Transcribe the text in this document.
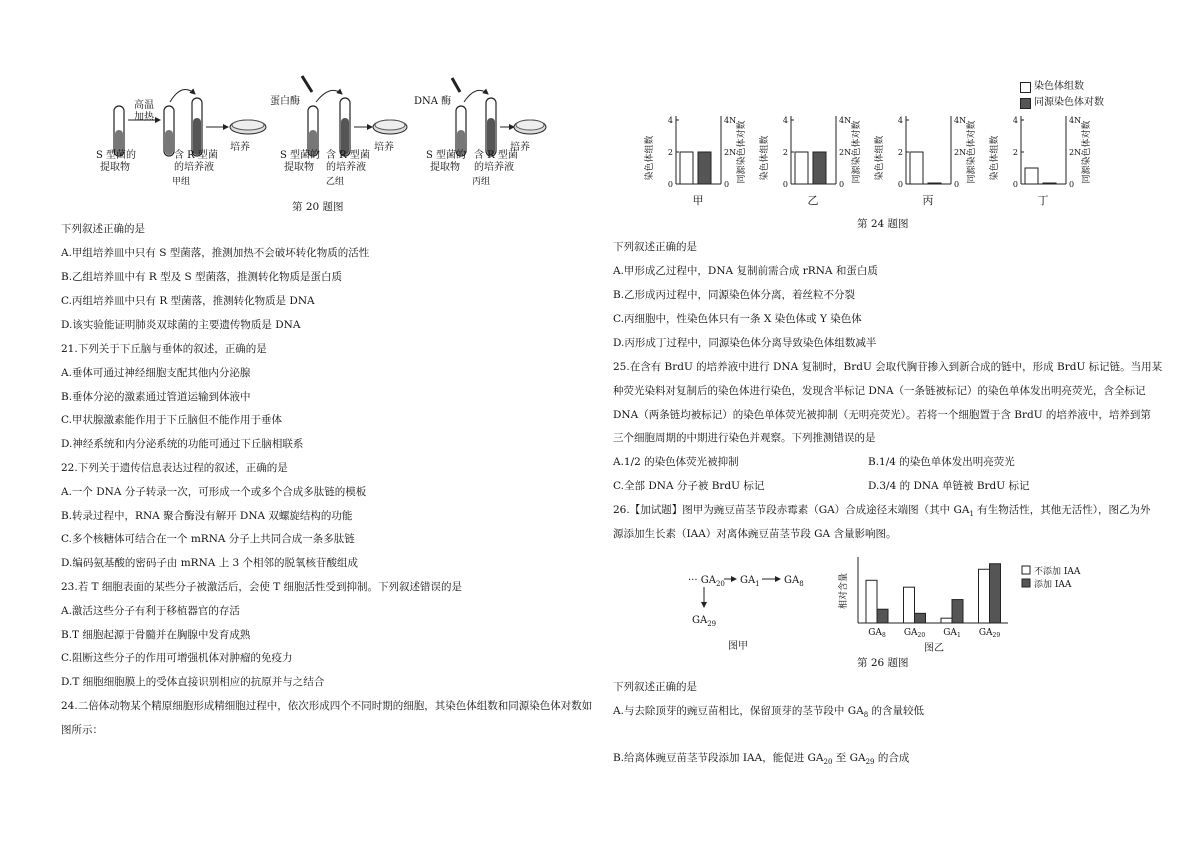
高温
加热
S 型菌的
提取物
含 R 型菌
的培养液
培养
甲组
蛋白酶
S 型菌的
提取物
含 R 型菌
的培养液
培养
乙组
DNA 酶
S 型菌的
提取物
含 R 型菌
的培养液
培养
丙组
第 20 题图
下列叙述正确的是
A.甲组培养皿中只有 S 型菌落，推测加热不会破坏转化物质的活性
B.乙组培养皿中有 R 型及 S 型菌落，推测转化物质是蛋白质
C.丙组培养皿中只有 R 型菌落，推测转化物质是 DNA
D.该实验能证明肺炎双球菌的主要遗传物质是 DNA
21.下列关于下丘脑与垂体的叙述，正确的是
A.垂体可通过神经细胞支配其他内分泌腺
B.垂体分泌的激素通过管道运输到体液中
C.甲状腺激素能作用于下丘脑但不能作用于垂体
D.神经系统和内分泌系统的功能可通过下丘脑相联系
22.下列关于遗传信息表达过程的叙述，正确的是
A.一个 DNA 分子转录一次，可形成一个或多个合成多肽链的模板
B.转录过程中，RNA 聚合酶没有解开 DNA 双螺旋结构的功能
C.多个核糖体可结合在一个 mRNA 分子上共同合成一条多肽链
D.编码氨基酸的密码子由 mRNA 上 3 个相邻的脱氧核苷酸组成
23.若 T 细胞表面的某些分子被激活后，会使 T 细胞活性受到抑制。下列叙述错误的是
A.激活这些分子有利于移植器官的存活
B.T 细胞起源于骨髓并在胸腺中发育成熟
C.阻断这些分子的作用可增强机体对肿瘤的免疫力
D.T 细胞细胞膜上的受体直接识别相应的抗原并与之结合
24.二倍体动物某个精原细胞形成精细胞过程中，依次形成四个不同时期的细胞，其染色体组数和同源染色体对数如
图所示：
染色体组数
同源染色体对数
染色体组数
4	4N
2	2N
0	0
同源染色体对数
甲
染色体组数
4	4N
2	2N
0	0
同源染色体对数
乙
染色体组数
4	4N
2	2N
0	0
同源染色体对数
丙
染色体组数
4	4N
2	2N
0	0
同源染色体对数
丁
第 24 题图
下列叙述正确的是
A.甲形成乙过程中，DNA 复制前需合成 rRNA 和蛋白质
B.乙形成丙过程中，同源染色体分离，着丝粒不分裂
C.丙细胞中，性染色体只有一条 X 染色体或 Y 染色体
D.丙形成丁过程中，同源染色体分离导致染色体组数减半
25.在含有 BrdU 的培养液中进行 DNA 复制时，BrdU 会取代胸苷掺入到新合成的链中，形成 BrdU 标记链。当用某
种荧光染料对复制后的染色体进行染色，发现含半标记 DNA（一条链被标记）的染色单体发出明亮荧光，含全标记
DNA（两条链均被标记）的染色单体荧光被抑制（无明亮荧光）。若将一个细胞置于含 BrdU 的培养液中，培养到第
三个细胞周期的中期进行染色并观察。下列推测错误的是
A.1/2 的染色体荧光被抑制	B.1/4 的染色单体发出明亮荧光
C.全部 DNA 分子被 BrdU 标记	D.3/4 的 DNA 单链被 BrdU 标记
26.【加试题】图甲为豌豆苗茎节段赤霉素（GA）合成途径末端图（其中 $GA_1$ 有生物活性，其他无活性），图乙为外
源添加生长素（IAA）对离体豌豆苗茎节段 GA 含量影响图。
··· $GA_{20}$ $GA_1$ $GA_8$
$GA_{29}$
图甲
相对含量
$GA_8$ $GA_{20}$ $GA_1$ $GA_{29}$
不添加 IAA
添加 IAA
图乙
第 26 题图
下列叙述正确的是
A.与去除顶芽的豌豆苗相比，保留顶芽的茎节段中 $GA_8$ 的含量较低
B.给离体豌豆苗茎节段添加 IAA，能促进 $GA_{20}$ 至 $GA_{29}$ 的合成
